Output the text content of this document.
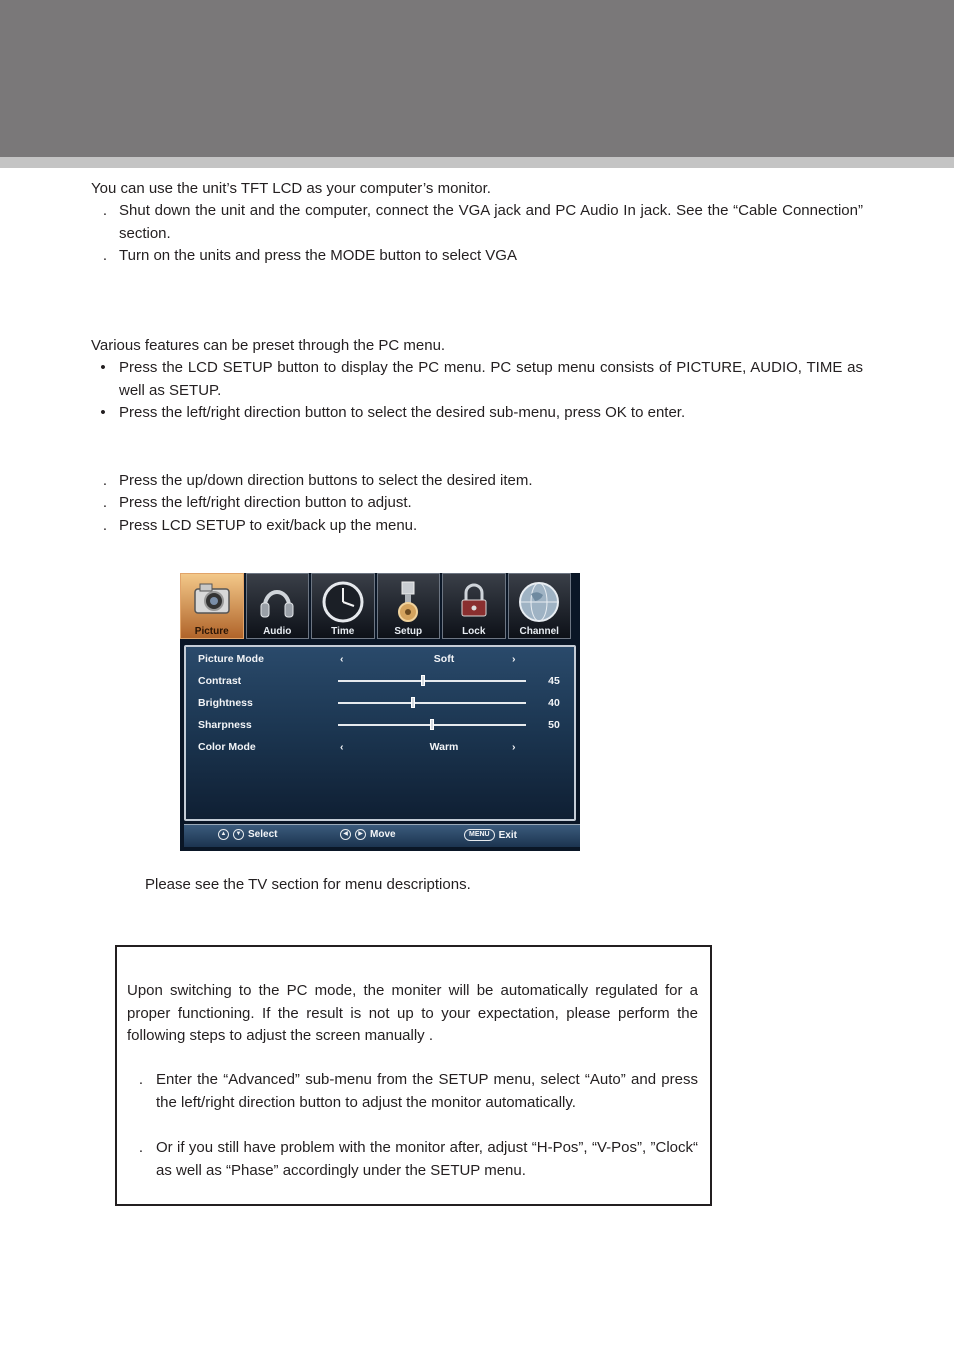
You can use the unit’s TFT LCD as your computer’s monitor.

. Shut down the unit and the computer, connect the VGA jack and PC Audio In jack. See the “Cable Connection” section.
. Turn on the units and press the MODE button to select VGA

Various features can be preset through the PC menu.

• Press the LCD SETUP button to display the PC menu. PC setup menu consists of PICTURE, AUDIO, TIME as well as SETUP.
• Press the left/right direction button to select the desired sub-menu, press OK to enter.
. Press the up/down direction buttons to select the desired item.
. Press the left/right direction button to adjust.
. Press LCD SETUP to exit/back up the menu.
Picture	Audio	Time	Setup	Lock	Channel
Picture Mode	‹	Soft	›
Contrast	45
Brightness	40
Sharpness	50
Color Mode	‹	Warm	›
▲	▼ Select	◀	▶ Move	MENU Exit

Please see the TV section for menu descriptions.

Upon switching to the PC mode, the moniter will be automatically regulated for a proper functioning. If the result is not up to your expectation, please perform the following steps to adjust the screen manually .

. Enter the “Advanced” sub-menu from the SETUP menu, select “Auto” and press the left/right direction button to adjust the monitor automatically.
. Or if you still have problem with the monitor after, adjust “H-Pos”, “V-Pos”, ”Clock“ as well as “Phase” accordingly under the SETUP menu.
